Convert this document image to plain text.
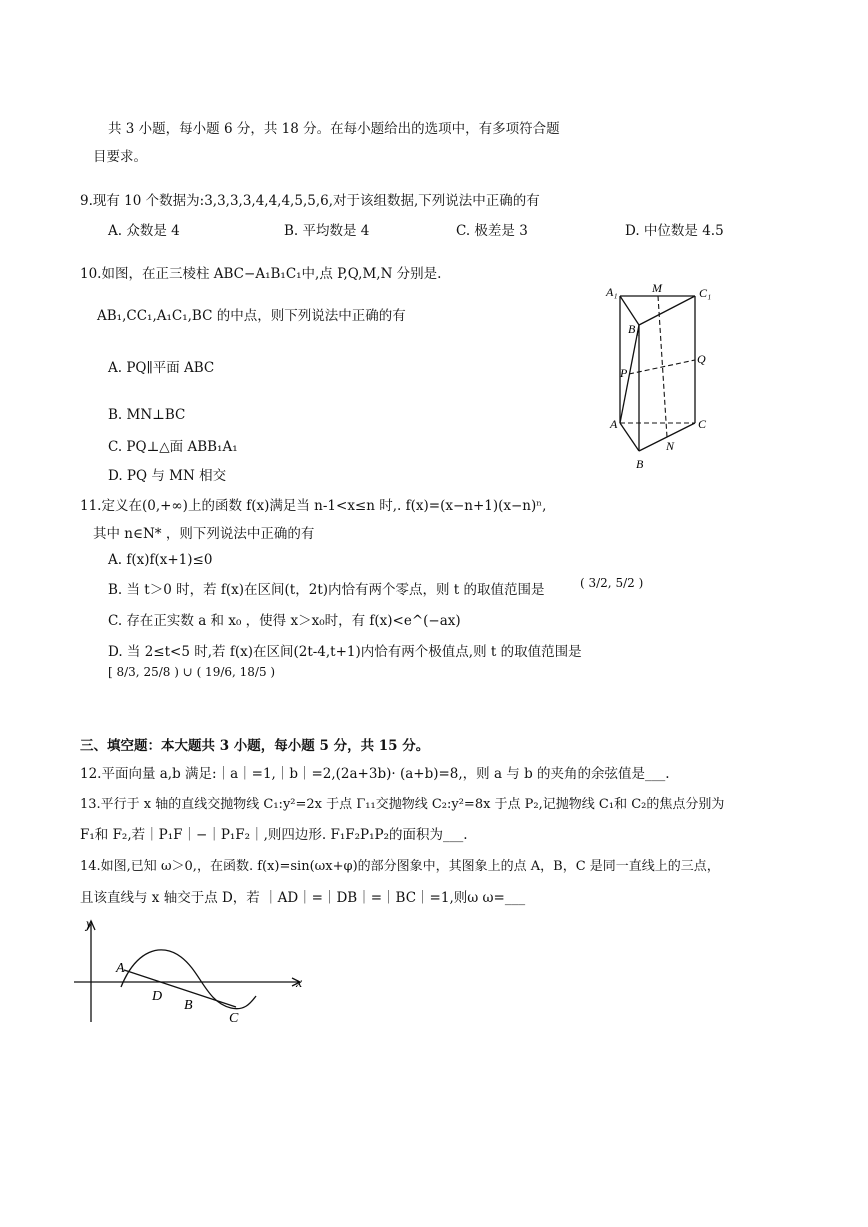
共 3 小题，每小题 6 分，共 18 分。在每小题给出的选项中，有多项符合题
目要求。
9.现有 10 个数据为:3,3,3,3,4,4,4,5,5,6,对于该组数据,下列说法中正确的有
A. 众数是 4	B. 平均数是 4	C. 极差是 3	D. 中位数是 4.5
10.如图，在正三棱柱 ABC−A₁B₁C₁中,点 P,Q,M,N 分别是.
AB₁,CC₁,A₁C₁,BC 的中点，则下列说法中正确的有
A. PQ∥平面 ABC
B. MN⊥BC
C. PQ⊥△面 ABB₁A₁
D. PQ 与 MN 相交
A₁	M	C₁
B₁
Q
P
A	C
N
B
11.定义在(0,+∞)上的函数 f(x)满足当 n-1<x≤n 时,. f(x)=(x−n+1)(x−n)ⁿ,
其中 n∈N* ，则下列说法中正确的有
A. f(x)f(x+1)≤0
B. 当 t＞0 时，若 f(x)在区间(t，2t)内恰有两个零点，则 t 的取值范围是	( 3/2, 5/2 )
C. 存在正实数 a 和 x₀ ，使得 x＞x₀时，有 f(x)<e^(−ax)
D. 当 2≤t<5 时,若 f(x)在区间(2t-4,t+1)内恰有两个极值点,则 t 的取值范围是
[ 8/3, 25/8 ) ∪ ( 19/6, 18/5 )
三、填空题：本大题共 3 小题，每小题 5 分，共 15 分。
12.平面向量 a,b 满足:｜a｜=1,｜b｜=2,(2a+3b)· (a+b)=8,，则 a 与 b 的夹角的余弦值是___.
13.平行于 x 轴的直线交抛物线 C₁:y²=2x 于点 Γ₁₁交抛物线 C₂:y²=8x 于点 P₂,记抛物线 C₁和 C₂的焦点分别为
F₁和 F₂,若｜P₁F｜−｜P₁F₂｜,则四边形. F₁F₂P₁P₂的面积为___.
14.如图,已知 ω＞0,，在函数. f(x)=sin(ωx+φ)的部分图象中，其图象上的点 A，B，C 是同一直线上的三点，
且该直线与 x 轴交于点 D，若 ｜AD｜=｜DB｜=｜BC｜=1,则ω ω=___
y
x
A
D
B
C
